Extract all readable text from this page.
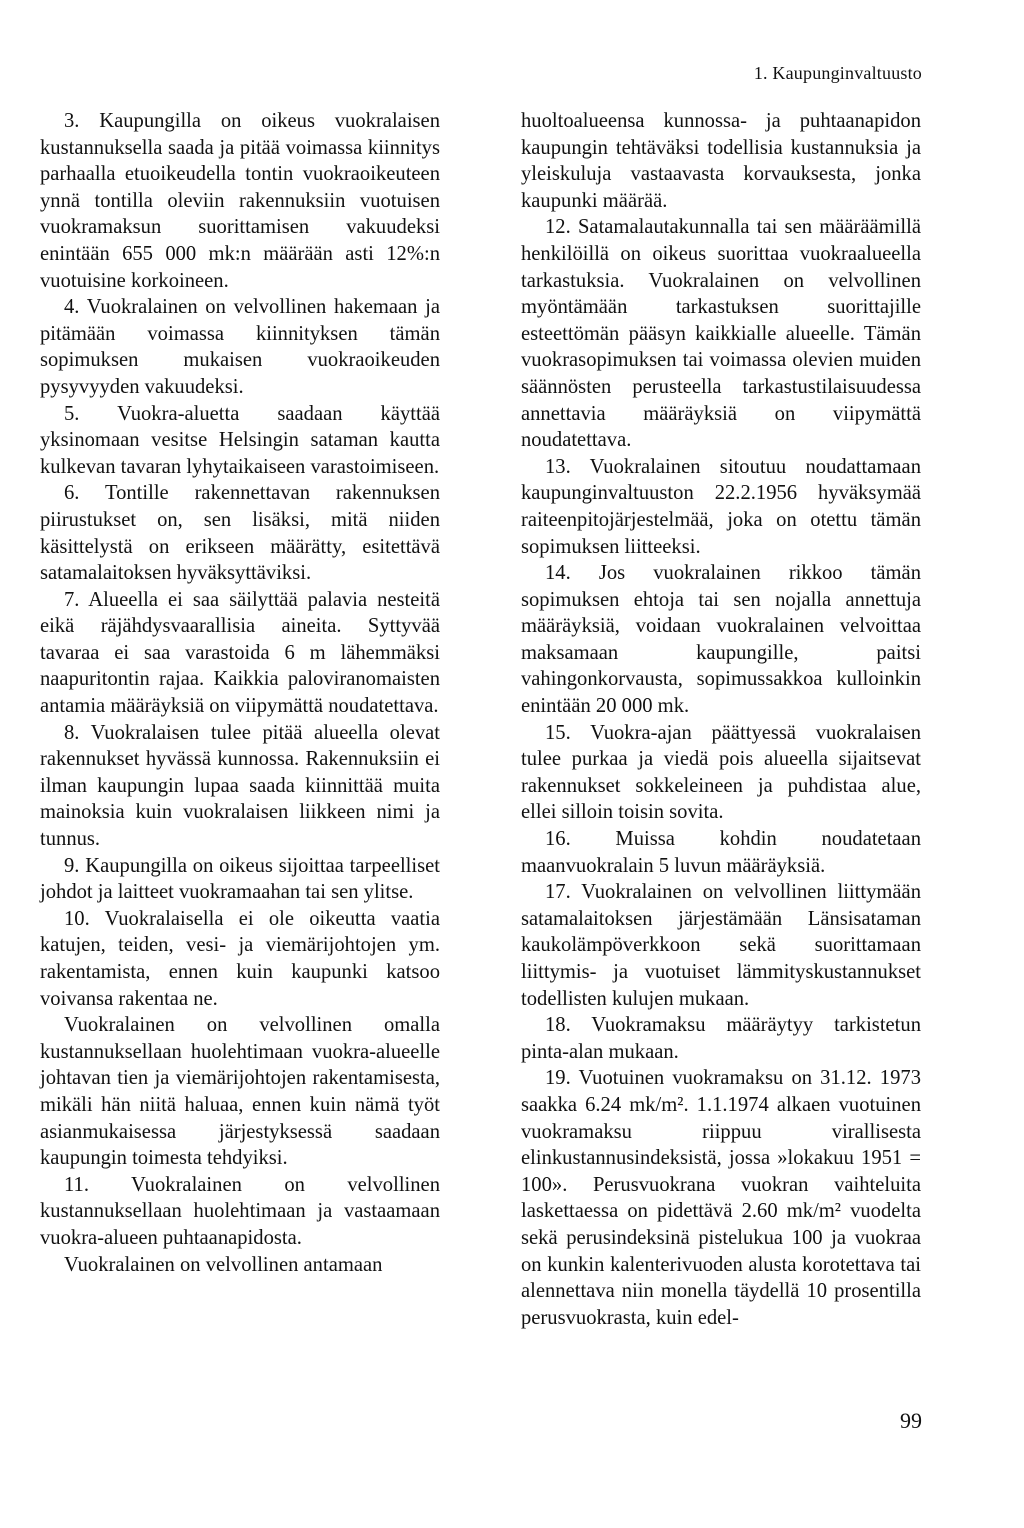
1. Kaupunginvaltuusto

3. Kaupungilla on oikeus vuokralaisen kustannuksella saada ja pitää voimassa kiinnitys parhaalla etuoikeudella tontin vuokraoikeuteen ynnä tontilla oleviin rakennuksiin vuotuisen vuokramaksun suorittamisen vakuudeksi enintään 655 000 mk:n määrään asti 12%:n vuotuisine korkoineen.

4. Vuokralainen on velvollinen hakemaan ja pitämään voimassa kiinnityksen tämän sopimuksen mukaisen vuokraoikeuden pysyvyyden vakuudeksi.

5. Vuokra-aluetta saadaan käyttää yksinomaan vesitse Helsingin sataman kautta kulkevan tavaran lyhytaikaiseen varastoimiseen.

6. Tontille rakennettavan rakennuksen piirustukset on, sen lisäksi, mitä niiden käsittelystä on erikseen määrätty, esitettävä satamalaitoksen hyväksyttäviksi.

7. Alueella ei saa säilyttää palavia nesteitä eikä räjähdysvaarallisia aineita. Syttyvää tavaraa ei saa varastoida 6 m lähemmäksi naapuritontin rajaa. Kaikkia paloviranomaisten antamia määräyksiä on viipymättä noudatettava.

8. Vuokralaisen tulee pitää alueella olevat rakennukset hyvässä kunnossa. Rakennuksiin ei ilman kaupungin lupaa saada kiinnittää muita mainoksia kuin vuokralaisen liikkeen nimi ja tunnus.

9. Kaupungilla on oikeus sijoittaa tarpeelliset johdot ja laitteet vuokramaahan tai sen ylitse.

10. Vuokralaisella ei ole oikeutta vaatia katujen, teiden, vesi- ja viemärijohtojen ym. rakentamista, ennen kuin kaupunki katsoo voivansa rakentaa ne.

Vuokralainen on velvollinen omalla kustannuksellaan huolehtimaan vuokra-alueelle johtavan tien ja viemärijohtojen rakentamisesta, mikäli hän niitä haluaa, ennen kuin nämä työt asianmukaisessa järjestyksessä saadaan kaupungin toimesta tehdyiksi.

11. Vuokralainen on velvollinen kustannuksellaan huolehtimaan ja vastaamaan vuokra-alueen puhtaanapidosta.

Vuokralainen on velvollinen antamaan

huoltoalueensa kunnossa- ja puhtaanapidon kaupungin tehtäväksi todellisia kustannuksia ja yleiskuluja vastaavasta korvauksesta, jonka kaupunki määrää.

12. Satamalautakunnalla tai sen määräämillä henkilöillä on oikeus suorittaa vuokraalueella tarkastuksia. Vuokralainen on velvollinen myöntämään tarkastuksen suorittajille esteettömän pääsyn kaikkialle alueelle. Tämän vuokrasopimuksen tai voimassa olevien muiden säännösten perusteella tarkastustilaisuudessa annettavia määräyksiä on viipymättä noudatettava.

13. Vuokralainen sitoutuu noudattamaan kaupunginvaltuuston 22.2.1956 hyväksymää raiteenpitojärjestelmää, joka on otettu tämän sopimuksen liitteeksi.

14. Jos vuokralainen rikkoo tämän sopimuksen ehtoja tai sen nojalla annettuja määräyksiä, voidaan vuokralainen velvoittaa maksamaan kaupungille, paitsi vahingonkorvausta, sopimussakkoa kulloinkin enintään 20 000 mk.

15. Vuokra-ajan päättyessä vuokralaisen tulee purkaa ja viedä pois alueella sijaitsevat rakennukset sokkeleineen ja puhdistaa alue, ellei silloin toisin sovita.

16. Muissa kohdin noudatetaan maanvuokralain 5 luvun määräyksiä.

17. Vuokralainen on velvollinen liittymään satamalaitoksen järjestämään Länsisataman kaukolämpöverkkoon sekä suorittamaan liittymis- ja vuotuiset lämmityskustannukset todellisten kulujen mukaan.

18. Vuokramaksu määräytyy tarkistetun pinta-alan mukaan.

19. Vuotuinen vuokramaksu on 31.12. 1973 saakka 6.24 mk/m². 1.1.1974 alkaen vuotuinen vuokramaksu riippuu virallisesta elinkustannusindeksistä, jossa »lokakuu 1951 = 100». Perusvuokrana vuokran vaihteluita laskettaessa on pidettävä 2.60 mk/m² vuodelta sekä perusindeksinä pistelukua 100 ja vuokraa on kunkin kalenterivuoden alusta korotettava tai alennettava niin monella täydellä 10 prosentilla perusvuokrasta, kuin edel-

99
